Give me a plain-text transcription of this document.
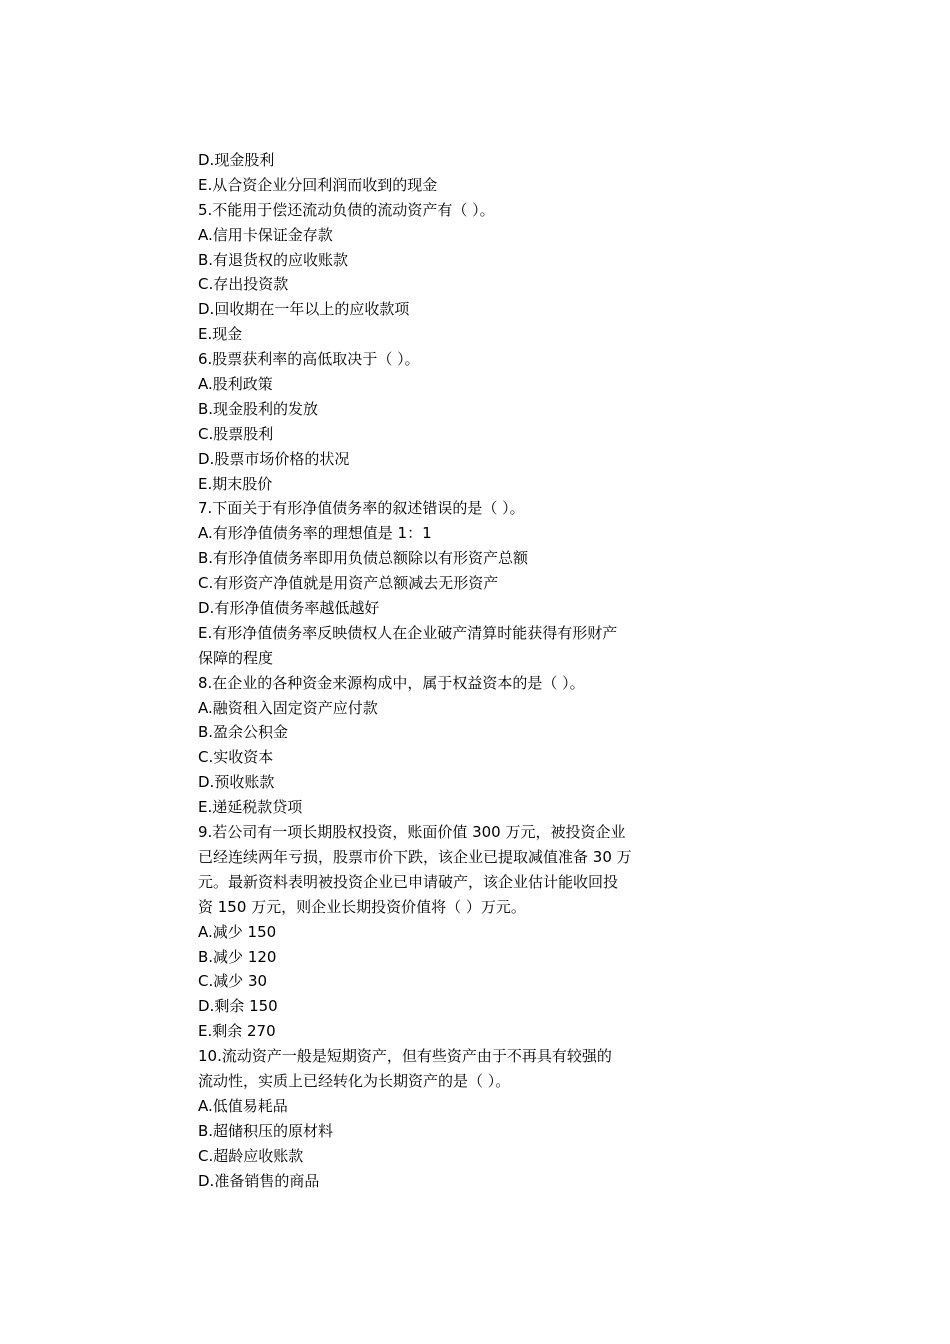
D.现金股利
E.从合资企业分回利润而收到的现金
5.不能用于偿还流动负债的流动资产有（ ）。
A.信用卡保证金存款
B.有退货权的应收账款
C.存出投资款
D.回收期在一年以上的应收款项
E.现金
6.股票获利率的高低取决于（ ）。
A.股利政策
B.现金股利的发放
C.股票股利
D.股票市场价格的状况
E.期末股价
7.下面关于有形净值债务率的叙述错误的是（ ）。
A.有形净值债务率的理想值是 1：1
B.有形净值债务率即用负债总额除以有形资产总额
C.有形资产净值就是用资产总额减去无形资产
D.有形净值债务率越低越好
E.有形净值债务率反映债权人在企业破产清算时能获得有形财产
保障的程度
8.在企业的各种资金来源构成中，属于权益资本的是（ ）。
A.融资租入固定资产应付款
B.盈余公积金
C.实收资本
D.预收账款
E.递延税款贷项
9.若公司有一项长期股权投资，账面价值 300 万元，被投资企业
已经连续两年亏损，股票市价下跌，该企业已提取减值准备 30 万
元。最新资料表明被投资企业已申请破产，该企业估计能收回投
资 150 万元，则企业长期投资价值将（ ）万元。
A.减少 150
B.减少 120
C.减少 30
D.剩余 150
E.剩余 270
10.流动资产一般是短期资产，但有些资产由于不再具有较强的
流动性，实质上已经转化为长期资产的是（ ）。
A.低值易耗品
B.超储积压的原材料
C.超龄应收账款
D.准备销售的商品
